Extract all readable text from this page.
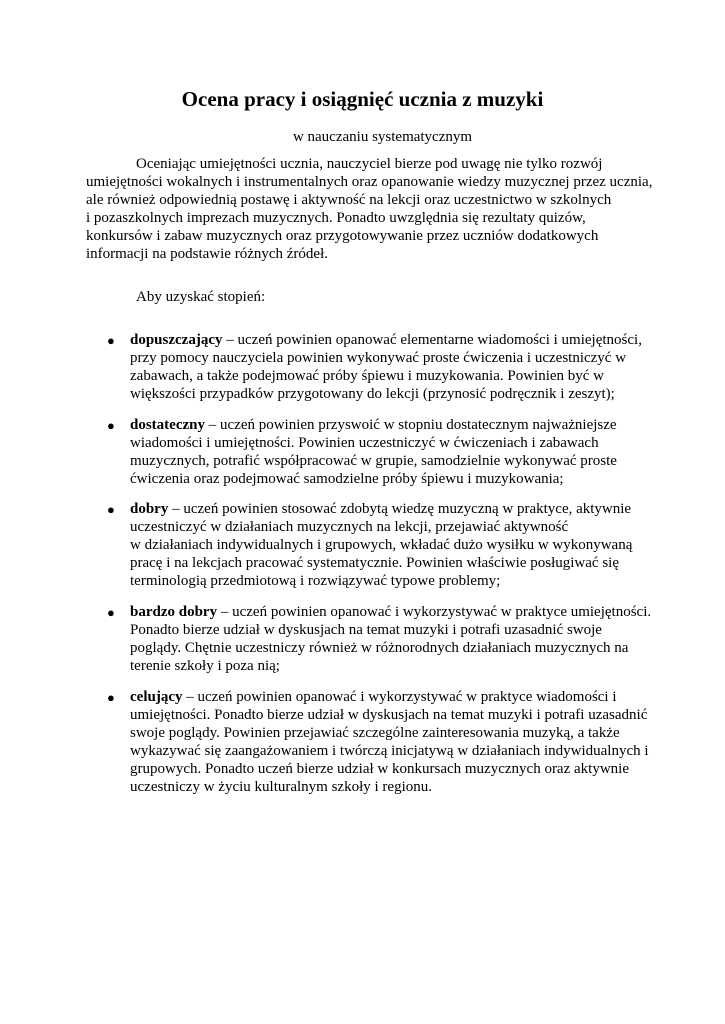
Ocena pracy i osiągnięć ucznia z muzyki
w nauczaniu systematycznym
Oceniając umiejętności ucznia, nauczyciel bierze pod uwagę nie tylko rozwój
umiejętności wokalnych i instrumentalnych oraz opanowanie wiedzy muzycznej przez ucznia,
ale również odpowiednią postawę i aktywność na lekcji oraz uczestnictwo w szkolnych
i pozaszkolnych imprezach muzycznych. Ponadto uwzględnia się rezultaty quizów,
konkursów i zabaw muzycznych oraz przygotowywanie przez uczniów dodatkowych
informacji na podstawie różnych źródeł.
Aby uzyskać stopień:
● dopuszczający – uczeń powinien opanować elementarne wiadomości i umiejętności,
przy pomocy nauczyciela powinien wykonywać proste ćwiczenia i uczestniczyć w
zabawach, a także podejmować próby śpiewu i muzykowania. Powinien być w
większości przypadków przygotowany do lekcji (przynosić podręcznik i zeszyt);
● dostateczny – uczeń powinien przyswoić w stopniu dostatecznym najważniejsze
wiadomości i umiejętności. Powinien uczestniczyć w ćwiczeniach i zabawach
muzycznych, potrafić współpracować w grupie, samodzielnie wykonywać proste
ćwiczenia oraz podejmować samodzielne próby śpiewu i muzykowania;
● dobry – uczeń powinien stosować zdobytą wiedzę muzyczną w praktyce, aktywnie
uczestniczyć w działaniach muzycznych na lekcji, przejawiać aktywność
w działaniach indywidualnych i grupowych, wkładać dużo wysiłku w wykonywaną
pracę i na lekcjach pracować systematycznie. Powinien właściwie posługiwać się
terminologią przedmiotową i rozwiązywać typowe problemy;
● bardzo dobry – uczeń powinien opanować i wykorzystywać w praktyce umiejętności.
Ponadto bierze udział w dyskusjach na temat muzyki i potrafi uzasadnić swoje
poglądy. Chętnie uczestniczy również w różnorodnych działaniach muzycznych na
terenie szkoły i poza nią;
● celujący – uczeń powinien opanować i wykorzystywać w praktyce wiadomości i
umiejętności. Ponadto bierze udział w dyskusjach na temat muzyki i potrafi uzasadnić
swoje poglądy. Powinien przejawiać szczególne zainteresowania muzyką, a także
wykazywać się zaangażowaniem i twórczą inicjatywą w działaniach indywidualnych i
grupowych. Ponadto uczeń bierze udział w konkursach muzycznych oraz aktywnie
uczestniczy w życiu kulturalnym szkoły i regionu.
